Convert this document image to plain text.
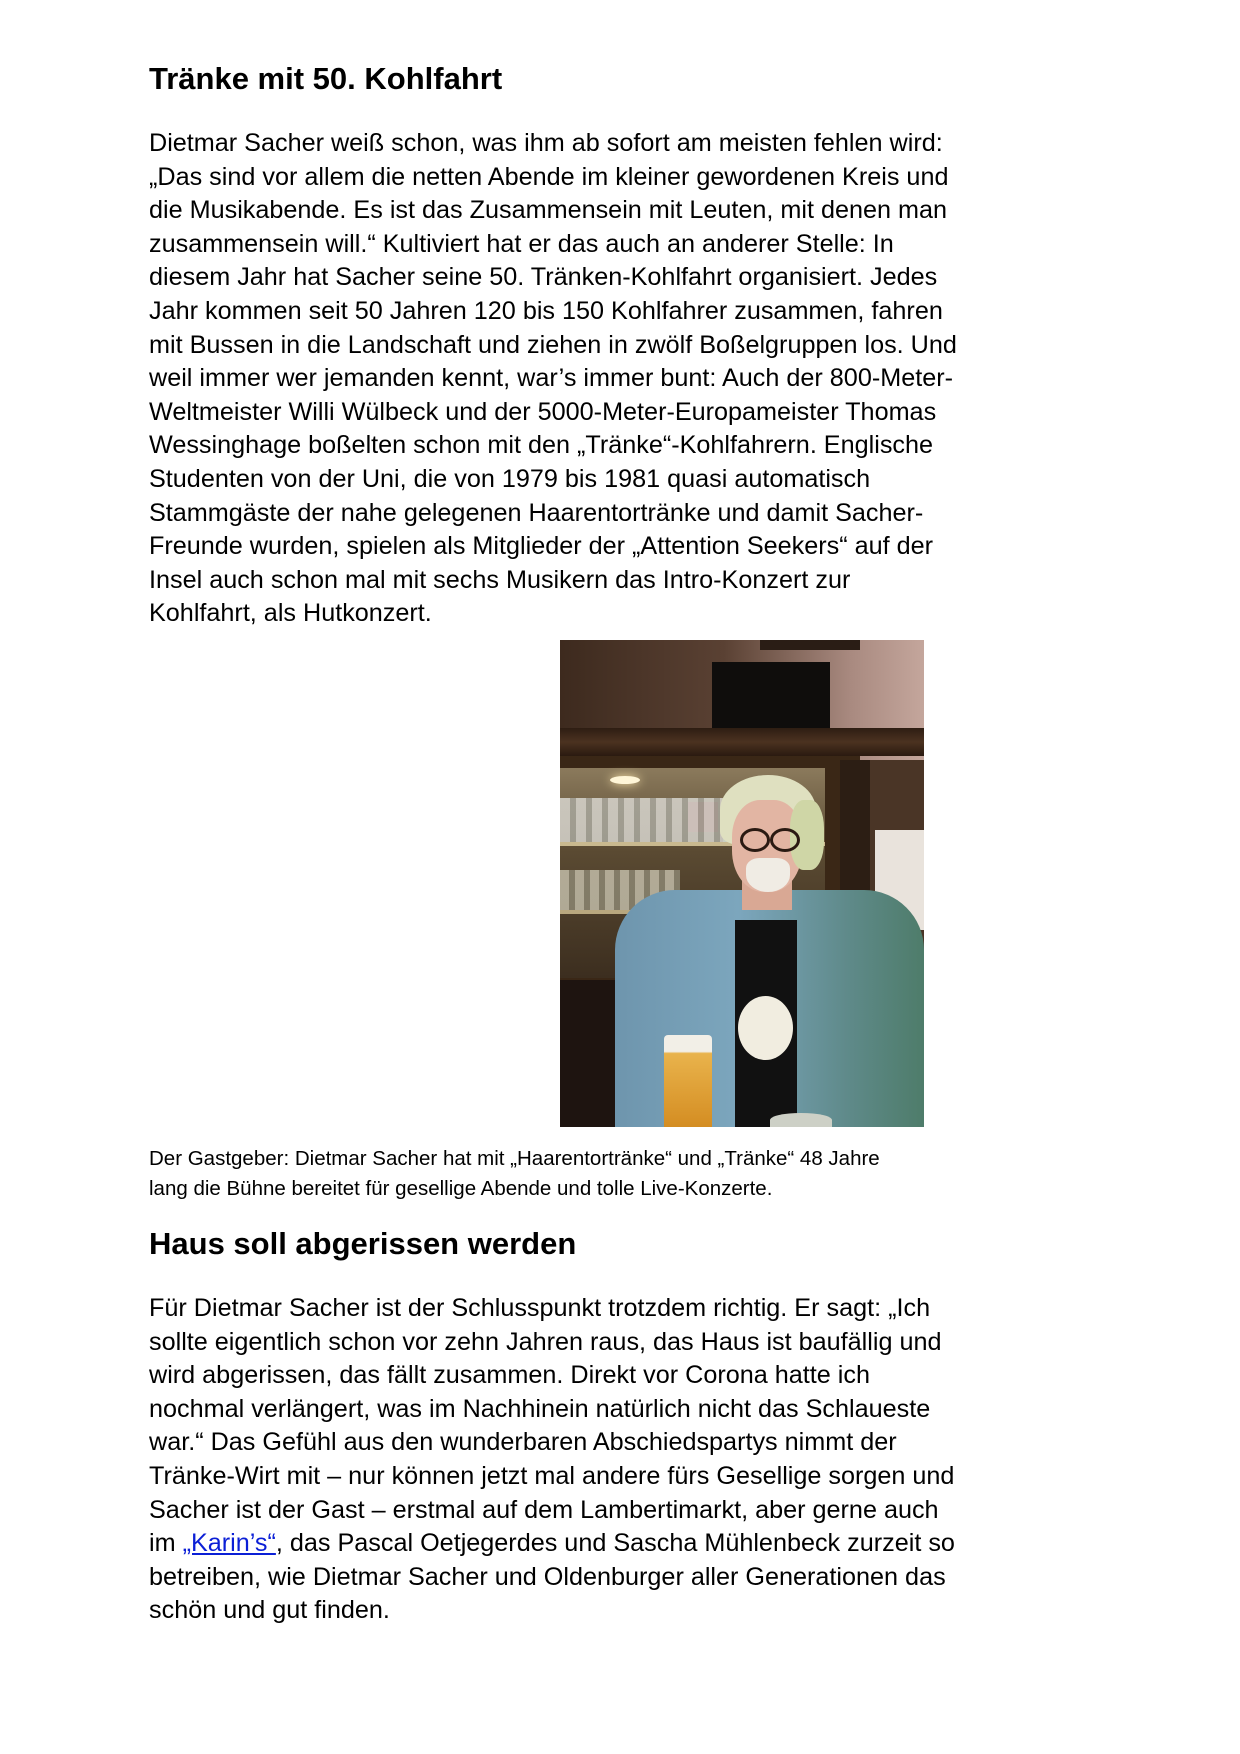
Tränke mit 50. Kohlfahrt

Dietmar Sacher weiß schon, was ihm ab sofort am meisten fehlen wird:
„Das sind vor allem die netten Abende im kleiner gewordenen Kreis und
die Musikabende. Es ist das Zusammensein mit Leuten, mit denen man
zusammensein will.“ Kultiviert hat er das auch an anderer Stelle: In
diesem Jahr hat Sacher seine 50. Tränken-Kohlfahrt organisiert. Jedes
Jahr kommen seit 50 Jahren 120 bis 150 Kohlfahrer zusammen, fahren
mit Bussen in die Landschaft und ziehen in zwölf Boßelgruppen los. Und
weil immer wer jemanden kennt, war’s immer bunt: Auch der 800-Meter-
Weltmeister Willi Wülbeck und der 5000-Meter-Europameister Thomas
Wessinghage boßelten schon mit den „Tränke“-Kohlfahrern. Englische
Studenten von der Uni, die von 1979 bis 1981 quasi automatisch
Stammgäste der nahe gelegenen Haarentortränke und damit Sacher-
Freunde wurden, spielen als Mitglieder der „Attention Seekers“ auf der
Insel auch schon mal mit sechs Musikern das Intro-Konzert zur
Kohlfahrt, als Hutkonzert.

Der Gastgeber: Dietmar Sacher hat mit „Haarentortränke“ und „Tränke“ 48 Jahre
lang die Bühne bereitet für gesellige Abende und tolle Live-Konzerte.

Haus soll abgerissen werden

Für Dietmar Sacher ist der Schlusspunkt trotzdem richtig. Er sagt: „Ich
sollte eigentlich schon vor zehn Jahren raus, das Haus ist baufällig und
wird abgerissen, das fällt zusammen. Direkt vor Corona hatte ich
nochmal verlängert, was im Nachhinein natürlich nicht das Schlaueste
war.“ Das Gefühl aus den wunderbaren Abschiedspartys nimmt der
Tränke-Wirt mit – nur können jetzt mal andere fürs Gesellige sorgen und
Sacher ist der Gast – erstmal auf dem Lambertimarkt, aber gerne auch
im „Karin’s“, das Pascal Oetjegerdes und Sascha Mühlenbeck zurzeit so
betreiben, wie Dietmar Sacher und Oldenburger aller Generationen das
schön und gut finden.
